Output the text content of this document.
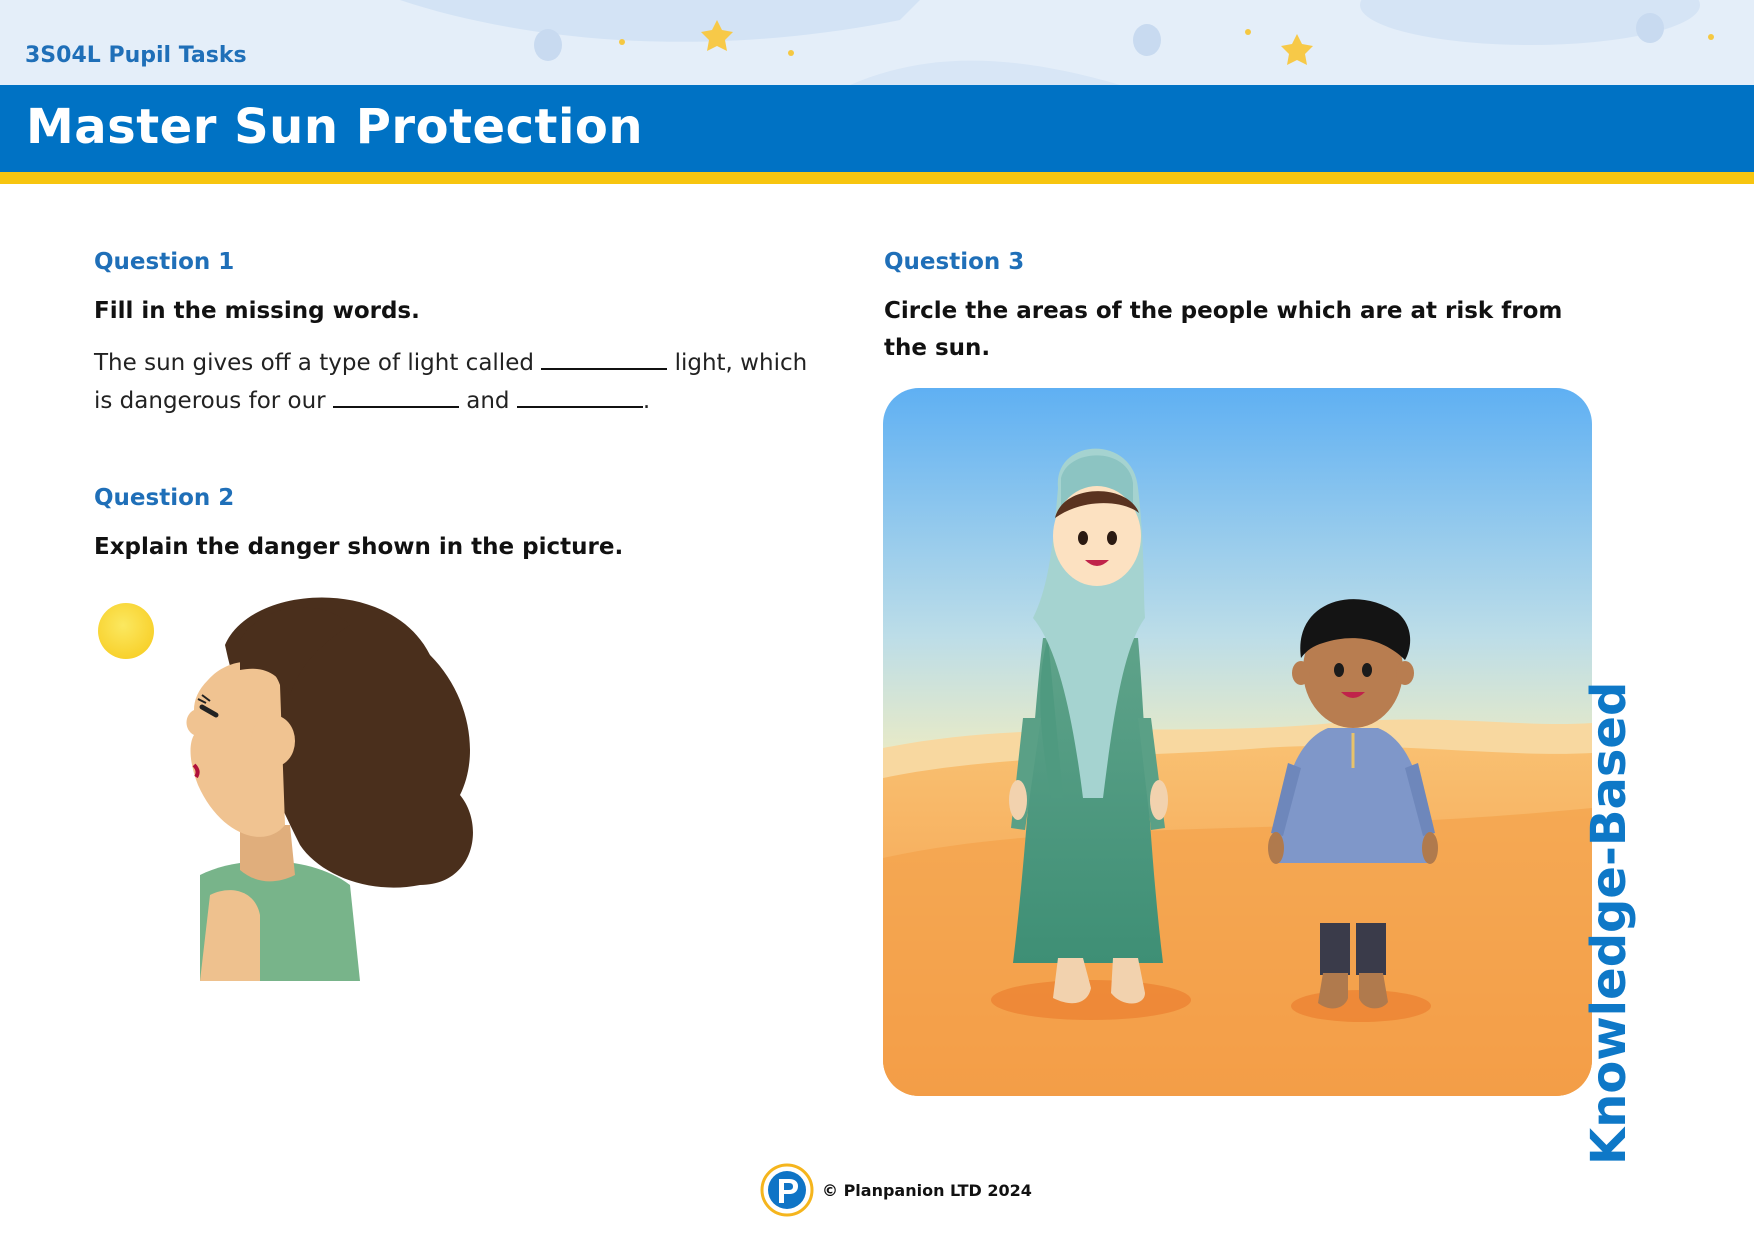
3S04L Pupil Tasks
Master Sun Protection
Question 1

Fill in the missing words.

The sun gives off a type of light called	light, which
is dangerous for our	and	.
Question 2

Explain the danger shown in the picture.

Question 3

Circle the areas of the people which are at risk from the sun.

Knowledge-Based
© Planpanion LTD 2024
